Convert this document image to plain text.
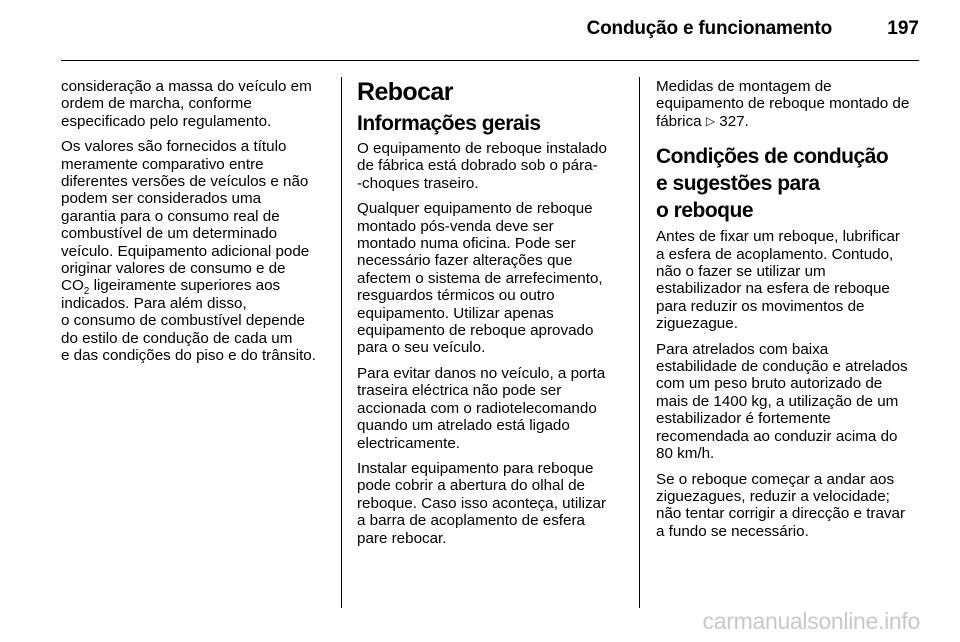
Condução e funcionamento	197

consideração a massa do veículo em
ordem de marcha, conforme
especificado pelo regulamento.

Os valores são fornecidos a título
meramente comparativo entre
diferentes versões de veículos e não
podem ser considerados uma
garantia para o consumo real de
combustível de um determinado
veículo. Equipamento adicional pode
originar valores de consumo e de
$CO_2$ ligeiramente superiores aos
indicados. Para além disso,
o consumo de combustível depende
do estilo de condução de cada um
e das condições do piso e do trânsito.

Rebocar
Informações gerais

O equipamento de reboque instalado
de fábrica está dobrado sob o pára-
-choques traseiro.

Qualquer equipamento de reboque
montado pós-venda deve ser
montado numa oficina. Pode ser
necessário fazer alterações que
afectem o sistema de arrefecimento,
resguardos térmicos ou outro
equipamento. Utilizar apenas
equipamento de reboque aprovado
para o seu veículo.

Para evitar danos no veículo, a porta
traseira eléctrica não pode ser
accionada com o radiotelecomando
quando um atrelado está ligado
electricamente.

Instalar equipamento para reboque
pode cobrir a abertura do olhal de
reboque. Caso isso aconteça, utilizar
a barra de acoplamento de esfera
pare rebocar.

Medidas de montagem de
equipamento de reboque montado de
fábrica ▷ 327.

Condições de condução
e sugestões para
o reboque

Antes de fixar um reboque, lubrificar
a esfera de acoplamento. Contudo,
não o fazer se utilizar um
estabilizador na esfera de reboque
para reduzir os movimentos de
ziguezague.

Para atrelados com baixa
estabilidade de condução e atrelados
com um peso bruto autorizado de
mais de 1400 kg, a utilização de um
estabilizador é fortemente
recomendada ao conduzir acima do
80 km/h.

Se o reboque começar a andar aos
ziguezagues, reduzir a velocidade;
não tentar corrigir a direcção e travar
a fundo se necessário.

carmanualsonline.info
